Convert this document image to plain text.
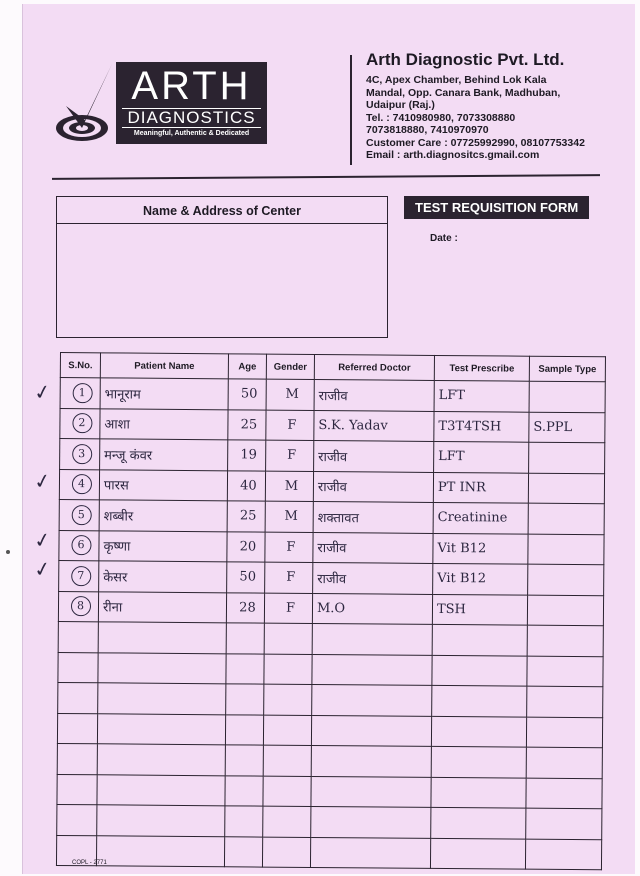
ARTH
DIAGNOSTICS
Meaningful, Authentic & Dedicated
Arth Diagnostic Pvt. Ltd.
4C, Apex Chamber, Behind Lok Kala
Mandal, Opp. Canara Bank, Madhuban,
Udaipur (Raj.)
Tel. : 7410980980, 7073308880
7073818880, 7410970970
Customer Care : 07725992990, 08107753342
Email : arth.diagnositcs.gmail.com
Name & Address of Center	TEST REQUISITION FORM
Date :
S.No.	Patient Name	Age	Gender	Referred Doctor	Test Prescribe	Sample Type
1	भानूराम	50	M	राजीव	LFT	
2	आशा	25	F	S.K. Yadav	T3T4TSH	S.PPL
3	मन्जू कंवर	19	F	राजीव	LFT	
4	पारस	40	M	राजीव	PT INR	
5	शब्बीर	25	M	शक्तावत	Creatinine	
6	कृष्णा	20	F	राजीव	Vit B12	
7	केसर	50	F	राजीव	Vit B12	
8	रीना	28	F	M.O	TSH	

✓
✓
✓
✓
COPL - 2771
